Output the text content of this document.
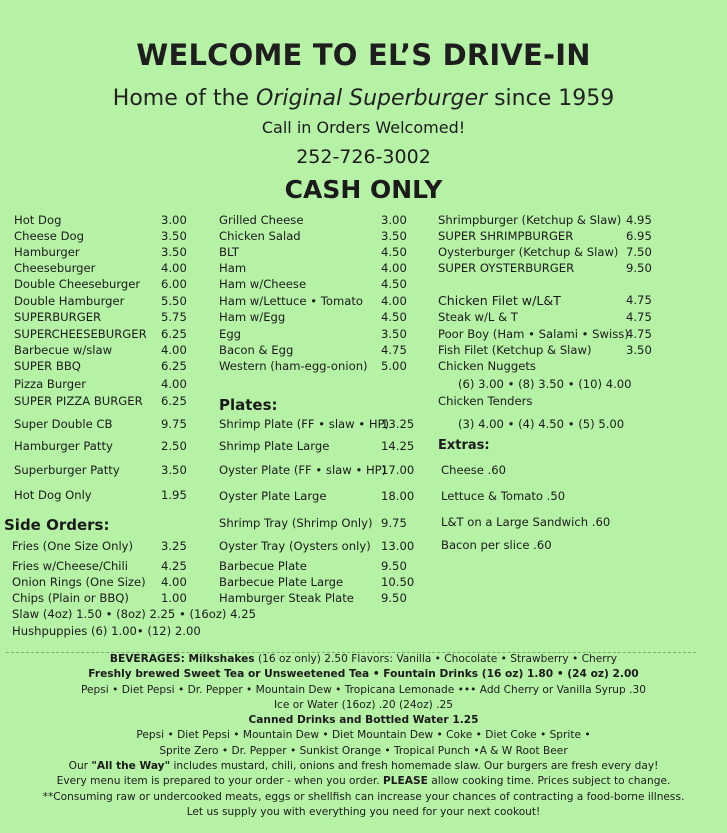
WELCOME TO EL’S DRIVE-IN
Home of the Original Superburger since 1959
Call in Orders Welcomed!
252-726-3002
CASH ONLY
Hot Dog	3.00
Cheese Dog	3.50
Hamburger	3.50
Cheeseburger	4.00
Double Cheeseburger 6.00
Double Hamburger	5.50
SUPERBURGER	5.75
SUPERCHEESEBURGER 6.25
Barbecue w/slaw	4.00
SUPER BBQ	6.25
Pizza Burger	4.00
SUPER PIZZA BURGER 6.25
Super Double CB	9.75
Hamburger Patty	2.50
Superburger Patty	3.50
Hot Dog Only	1.95
Side Orders:
Fries (One Size Only) 3.25
Fries w/Cheese/Chili	4.25
Onion Rings (One Size) 4.00
Chips (Plain or BBQ)	1.00
Slaw (4oz) 1.50 • (8oz) 2.25 • (16oz) 4.25
Hushpuppies (6) 1.00• (12) 2.00
Grilled Cheese	3.00
Chicken Salad	3.50
BLT	4.50
Ham	4.00
Ham w/Cheese	4.50
Ham w/Lettuce • Tomato 4.00
Ham w/Egg	4.50
Egg	3.50
Bacon & Egg	4.75
Western (ham-egg-onion) 5.00
Plates:
Shrimp Plate (FF • slaw • HP)
13.25
Shrimp Plate Large	14.25
Oyster Plate (FF • slaw • HP)
17.00
Oyster Plate Large	18.00
Shrimp Tray (Shrimp Only) 9.75
Oyster Tray (Oysters only) 13.00
Barbecue Plate	9.50
Barbecue Plate Large	10.50
Hamburger Steak Plate 9.50
Shrimpburger (Ketchup & Slaw) 4.95
SUPER SHRIMPBURGER	6.95
Oysterburger (Ketchup & Slaw) 7.50
SUPER OYSTERBURGER	9.50
Chicken Filet w/L&T	4.75
Steak w/L & T	4.75
Poor Boy (Ham • Salami • Swiss)
4.75
Fish Filet (Ketchup & Slaw)	3.50
Chicken Nuggets
(6) 3.00 • (8) 3.50 • (10) 4.00
Chicken Tenders
(3) 4.00 • (4) 4.50 • (5) 5.00
Extras:
Cheese .60
Lettuce & Tomato .50
L&T on a Large Sandwich .60
Bacon per slice .60
BEVERAGES: Milkshakes (16 oz only) 2.50 Flavors: Vanilla • Chocolate • Strawberry • Cherry
Freshly brewed Sweet Tea or Unsweetened Tea • Fountain Drinks (16 oz) 1.80 • (24 oz) 2.00
Pepsi • Diet Pepsi • Dr. Pepper • Mountain Dew • Tropicana Lemonade ••• Add Cherry or Vanilla Syrup .30
Ice or Water (16oz) .20 (24oz) .25
Canned Drinks and Bottled Water 1.25
Pepsi • Diet Pepsi • Mountain Dew • Diet Mountain Dew • Coke • Diet Coke • Sprite •
Sprite Zero • Dr. Pepper • Sunkist Orange • Tropical Punch •A & W Root Beer
Our "All the Way" includes mustard, chili, onions and fresh homemade slaw. Our burgers are fresh every day!
Every menu item is prepared to your order - when you order. PLEASE allow cooking time. Prices subject to change.
**Consuming raw or undercooked meats, eggs or shellfish can increase your chances of contracting a food-borne illness.
Let us supply you with everything you need for your next cookout!
